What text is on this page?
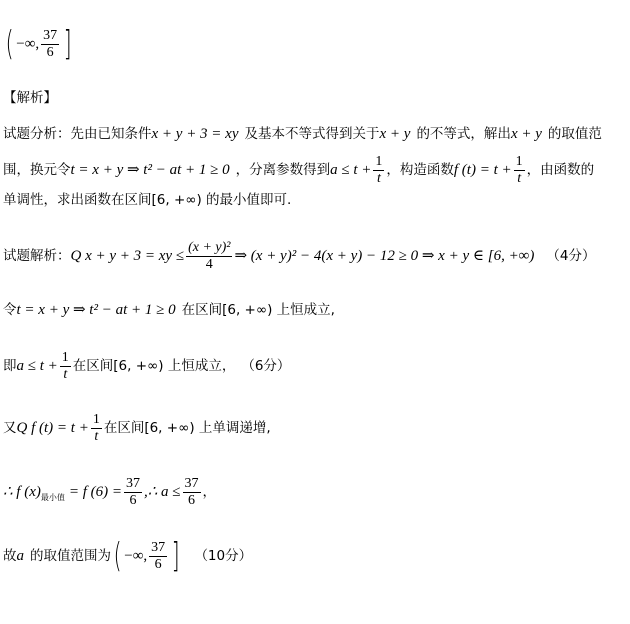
( −∞, $\frac{37}{6}$ ]
【解析】
试题分析：先由已知条件 x + y + 3 = xy 及基本不等式得到关于 x + y 的不等式，解出 x + y 的取值范
围，换元令 t = x + y ⇒ t² − at + 1 ≥ 0 ，分离参数得到 $a \le t + \frac{1}{t}$ ，构造函数 f $(t) = t + \frac{1}{t}$ ，由函数的
单调性，求出函数在区间[6, +∞) 的最小值即可.
试题解析： Q x + y + 3 = xy ≤ $\frac{\text{(x + y)²}}{4}$ ⇒ (x + y)² − 4(x + y) − 12 ≥ 0 ⇒ x + y ∈ [6, +∞) （4分）
令 t = x + y ⇒ t² − at + 1 ≥ 0 在区间[6, +∞) 上恒成立,
即 $a \le t + \frac{1}{t}$ 在区间[6, +∞) 上恒成立， （6分）
又 Q f $(t) = t + \frac{1}{t}$ 在区间[6, +∞) 上单调递增,
∴ f (x) 最小值 = f $(6) = \frac{37}{6}$ ,∴ $a \le \frac{37}{6}$ ，
故 a 的取值范围为 ( −∞, $\frac{37}{6}$ ] （10分）
